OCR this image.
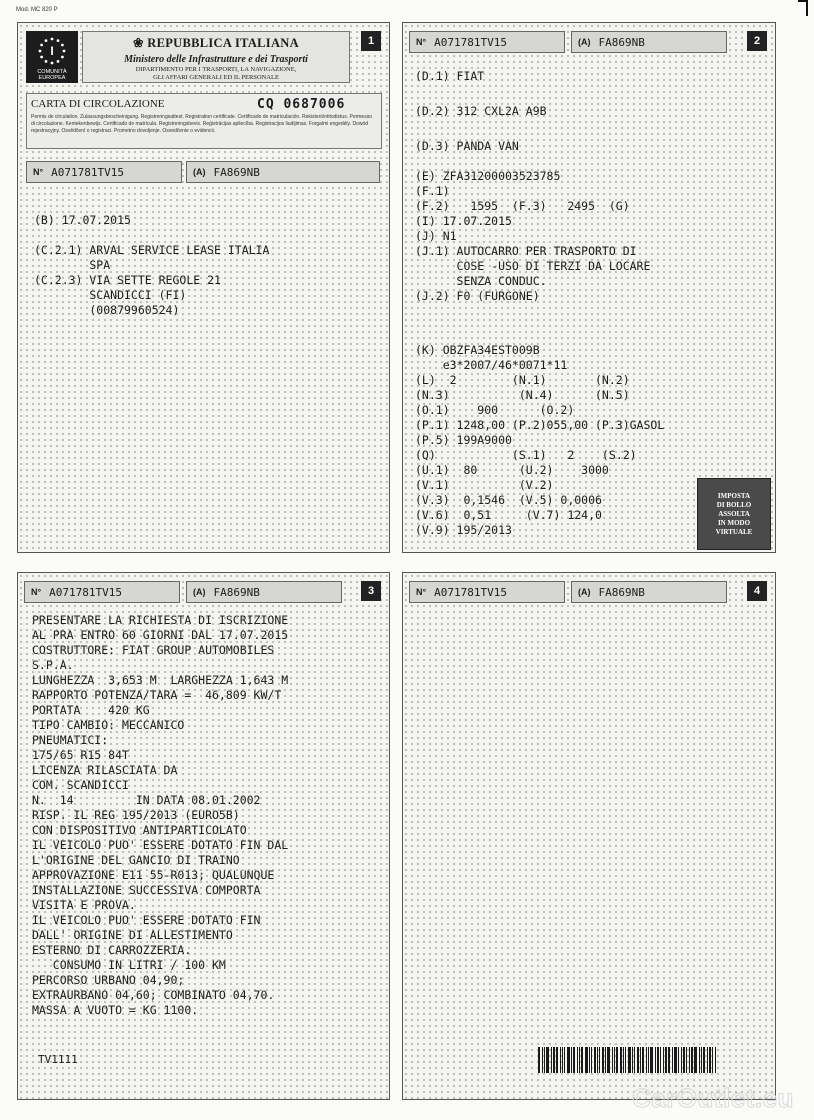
Mod. MC 820 P
I
COMUNITÀ
EUROPEA
❀ REPUBBLICA ITALIANA
Ministero delle Infrastrutture e dei Trasporti
DIPARTIMENTO PER I TRASPORTI, LA NAVIGAZIONE,
GLI AFFARI GENERALI ED IL PERSONALE
1
CARTA DI CIRCOLAZIONE	CQ 0687006
Permis de circulation. Zulassungsbescheinigung. Registreringsattest. Registration certificate. Certificado de matriculación. Rekisteröintitodistus. Permesso di circolazione. Kentekenbewijs. Certificado de matrícula. Registreringsbevis. Reģistrācijas apliecība. Registracijos liudijimas. Forgalmi engedély. Dowód rejestracyjny. Osvědčení o registraci. Prometno dovoljenje. Osvedčenie o evidencii.
N° A071781TV15	(A) FA869NB
(B) 17.07.2015
(C.2.1) ARVAL SERVICE LEASE ITALIA
SPA
(C.2.3) VIA SETTE REGOLE 21
SCANDICCI (FI)
(00879960524)
N° A071781TV15	(A) FA869NB	2
(D.1) FIAT
(D.2) 312 CXL2A A9B
(D.3) PANDA VAN
(E) ZFA31200003523785
(F.1)
(F.2)   1595  (F.3)   2495  (G)
(I) 17.07.2015
(J) N1
(J.1) AUTOCARRO PER TRASPORTO DI
COSE -USO DI TERZI DA LOCARE
SENZA CONDUC.
(J.2) F0 (FURGONE)
(K) OBZFA34EST009B
e3*2007/46*0071*11
(L)  2        (N.1)       (N.2)
(N.3)          (N.4)      (N.5)
(O.1)    900      (O.2)
(P.1) 1248,00 (P.2)055,00 (P.3)GASOL
(P.5) 199A9000
(Q)           (S.1)   2    (S.2)
(U.1)  80      (U.2)    3000
(V.1)          (V.2)
(V.3)  0,1546  (V.5) 0,0006
(V.6)  0,51     (V.7) 124,0
(V.9) 195/2013
IMPOSTA
DI BOLLO
ASSOLTA
IN MODO
VIRTUALE
N° A071781TV15	(A) FA869NB	3
PRESENTARE LA RICHIESTA DI ISCRIZIONE
AL PRA ENTRO 60 GIORNI DAL 17.07.2015
COSTRUTTORE: FIAT GROUP AUTOMOBILES
S.P.A.
LUNGHEZZA  3,653 M  LARGHEZZA 1,643 M
RAPPORTO POTENZA/TARA =  46,809 KW/T
PORTATA    420 KG
TIPO CAMBIO: MECCANICO
PNEUMATICI:
175/65 R15 84T
LICENZA RILASCIATA DA
COM. SCANDICCI
N.  14         IN DATA 08.01.2002
RISP. IL REG 195/2013 (EURO5B)
CON DISPOSITIVO ANTIPARTICOLATO
IL VEICOLO PUO' ESSERE DOTATO FIN DAL
L'ORIGINE DEL GANCIO DI TRAINO
APPROVAZIONE E11 55-R013; QUALUNQUE
INSTALLAZIONE SUCCESSIVA COMPORTA
VISITA E PROVA.
IL VEICOLO PUO' ESSERE DOTATO FIN
DALL' ORIGINE DI ALLESTIMENTO
ESTERNO DI CARROZZERIA.
CONSUMO IN LITRI / 100 KM
PERCORSO URBANO 04,90;
EXTRAURBANO 04,60; COMBINATO 04,70.
MASSA A VUOTO = KG 1100.
TV1111
N° A071781TV15	(A) FA869NB	4
CarOutlet.eu
